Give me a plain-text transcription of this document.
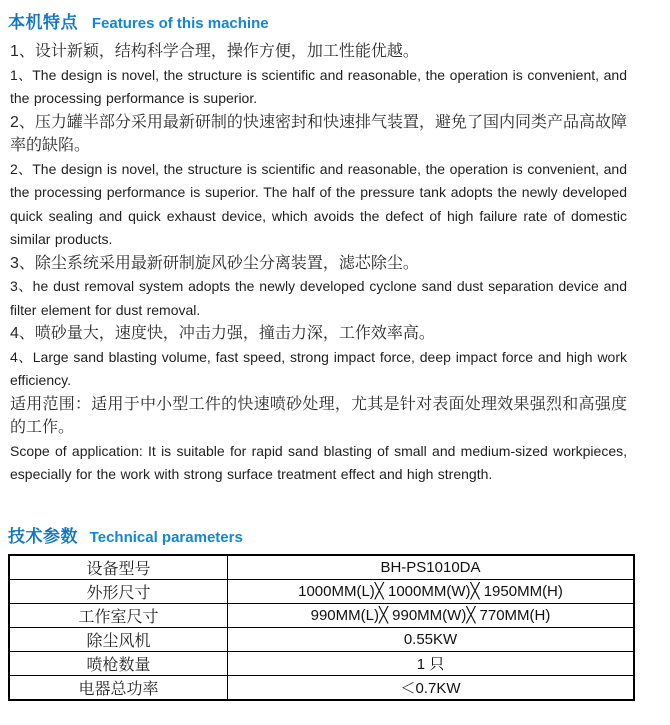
本机特点 Features of this machine

1、设计新颖，结构科学合理，操作方便，加工性能优越。

1、The design is novel, the structure is scientific and reasonable, the operation is convenient, and the processing performance is superior.

2、压力罐半部分采用最新研制的快速密封和快速排气装置，避免了国内同类产品高故障率的缺陷。

2、The design is novel, the structure is scientific and reasonable, the operation is convenient, and the processing performance is superior. The half of the pressure tank adopts the newly developed quick sealing and quick exhaust device, which avoids the defect of high failure rate of domestic similar products.

3、除尘系统采用最新研制旋风砂尘分离装置，滤芯除尘。

3、he dust removal system adopts the newly developed cyclone sand dust separation device and filter element for dust removal.

4、喷砂量大，速度快，冲击力强，撞击力深，工作效率高。

4、Large sand blasting volume, fast speed, strong impact force, deep impact force and high work efficiency.

适用范围：适用于中小型工件的快速喷砂处理，尤其是针对表面处理效果强烈和高强度的工作。

Scope of application: It is suitable for rapid sand blasting of small and medium-sized workpieces, especially for the work with strong surface treatment effect and high strength.

技术参数 Technical parameters
设备型号	BH-PS1010DA
外形尺寸	1000MM(L)╳ 1000MM(W)╳ 1950MM(H)
工作室尺寸	990MM(L)╳ 990MM(W)╳ 770MM(H)
除尘风机	0.55KW
喷枪数量	1 只
电器总功率	＜0.7KW
